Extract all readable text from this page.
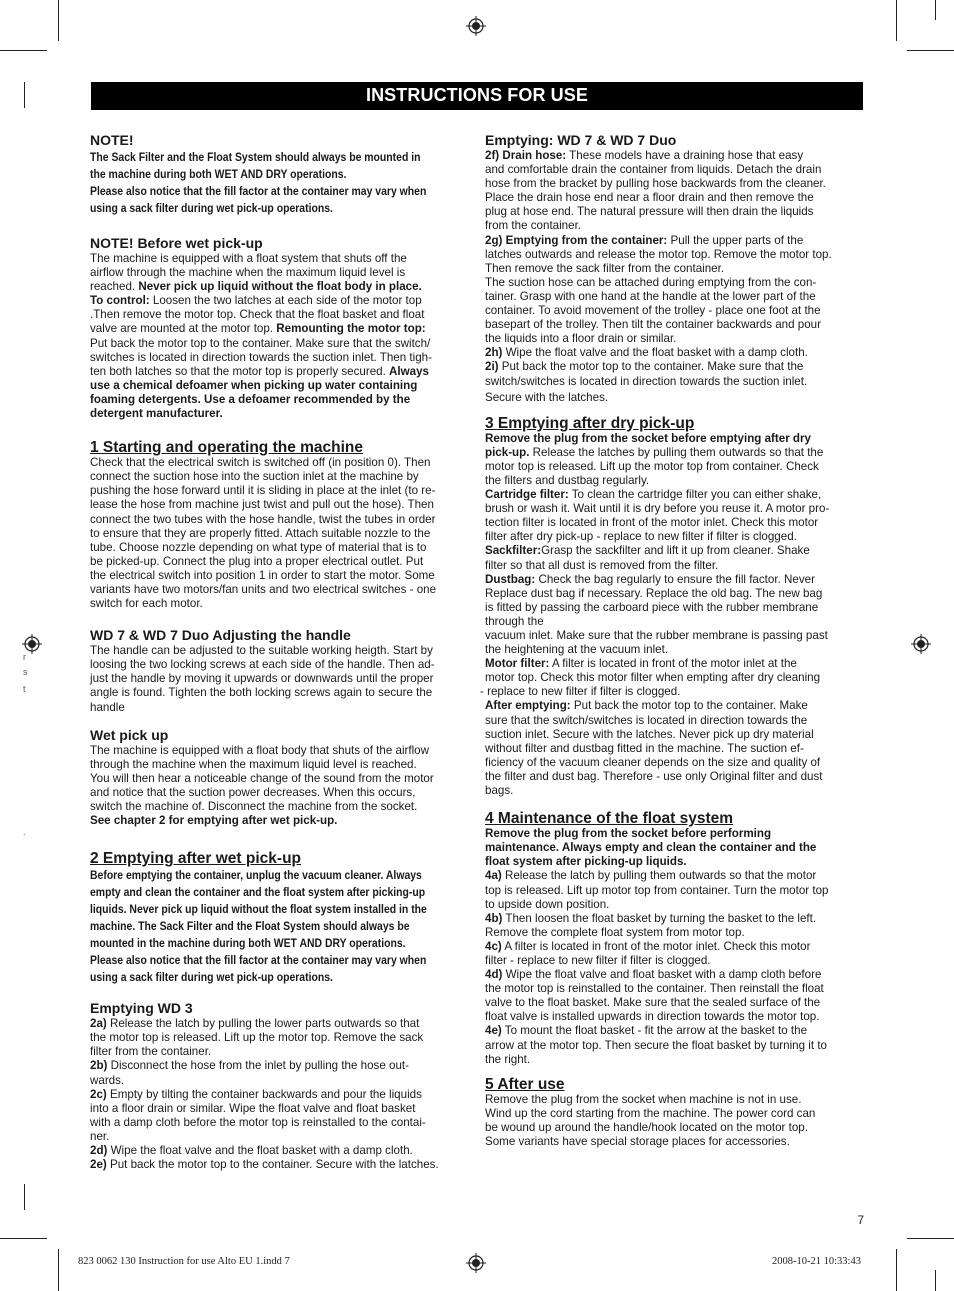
r
s
t
.
INSTRUCTIONS FOR USE

NOTE!

The Sack Filter and the Float System should always be mounted in

the machine during both WET AND DRY operations.

Please also notice that the fill factor at the container may vary when

using a sack filter during wet pick-up operations.

NOTE! Before wet pick-up

The machine is equipped with a float system that shuts off the

airflow through the machine when the maximum liquid level is

reached. Never pick up liquid without the float body in place.

To control: Loosen the two latches at each side of the motor top

.Then remove the motor top. Check that the float basket and float

valve are mounted at the motor top. Remounting the motor top:

Put back the motor top to the container. Make sure that the switch/

switches is located in direction towards the suction inlet. Then tigh-

ten both latches so that the motor top is properly secured. Always

use a chemical defoamer when picking up water containing

foaming detergents. Use a defoamer recommended by the

detergent manufacturer.

1 Starting and operating the machine

Check that the electrical switch is switched off (in position 0). Then

connect the suction hose into the suction inlet at the machine by

pushing the hose forward until it is sliding in place at the inlet (to re-

lease the hose from machine just twist and pull out the hose). Then

connect the two tubes with the hose handle, twist the tubes in order

to ensure that they are properly fitted. Attach suitable nozzle to the

tube. Choose nozzle depending on what type of material that is to

be picked-up. Connect the plug into a proper electrical outlet. Put

the electrical switch into position 1 in order to start the motor. Some

variants have two motors/fan units and two electrical switches - one

switch for each motor.

WD 7 & WD 7 Duo Adjusting the handle

The handle can be adjusted to the suitable working heigth. Start by

loosing the two locking screws at each side of the handle. Then ad-

just the handle by moving it upwards or downwards until the proper

angle is found. Tighten the both locking screws again to secure the

handle

Wet pick up

The machine is equipped with a float body that shuts of the airflow

through the machine when the maximum liquid level is reached.

You will then hear a noticeable change of the sound from the motor

and notice that the suction power decreases. When this occurs,

switch the machine of. Disconnect the machine from the socket.

See chapter 2 for emptying after wet pick-up.

2 Emptying after wet pick-up

Before emptying the container, unplug the vacuum cleaner. Always

empty and clean the container and the float system after picking-up

liquids. Never pick up liquid without the float system installed in the

machine. The Sack Filter and the Float System should always be

mounted in the machine during both WET AND DRY operations.

Please also notice that the fill factor at the container may vary when

using a sack filter during wet pick-up operations.

Emptying WD 3

2a) Release the latch by pulling the lower parts outwards so that

the motor top is released. Lift up the motor top. Remove the sack

filter from the container.

2b) Disconnect the hose from the inlet by pulling the hose out-

wards.

2c) Empty by tilting the container backwards and pour the liquids

into a floor drain or similar. Wipe the float valve and float basket

with a damp cloth before the motor top is reinstalled to the contai-

ner.

2d) Wipe the float valve and the float basket with a damp cloth.

2e) Put back the motor top to the container. Secure with the latches.

Emptying: WD 7 & WD 7 Duo

2f) Drain hose: These models have a draining hose that easy

and comfortable drain the container from liquids. Detach the drain

hose from the bracket by pulling hose backwards from the cleaner.

Place the drain hose end near a floor drain and then remove the

plug at hose end. The natural pressure will then drain the liquids

from the container.

2g) Emptying from the container: Pull the upper parts of the

latches outwards and release the motor top. Remove the motor top.

Then remove the sack filter from the container.

The suction hose can be attached during emptying from the con-

tainer. Grasp with one hand at the handle at the lower part of the

container. To avoid movement of the trolley - place one foot at the

basepart of the trolley. Then tilt the container backwards and pour

the liquids into a floor drain or similar.

2h) Wipe the float valve and the float basket with a damp cloth.

2i) Put back the motor top to the container. Make sure that the

switch/switches is located in direction towards the suction inlet.

Secure with the latches.

3 Emptying after dry pick-up

Remove the plug from the socket before emptying after dry

pick-up. Release the latches by pulling them outwards so that the

motor top is released. Lift up the motor top from container. Check

the filters and dustbag regularly.

Cartridge filter: To clean the cartridge filter you can either shake,

brush or wash it. Wait until it is dry before you reuse it. A motor pro-

tection filter is located in front of the motor inlet. Check this motor

filter after dry pick-up - replace to new filter if filter is clogged.

Sackfilter:Grasp the sackfilter and lift it up from cleaner. Shake

filter so that all dust is removed from the filter.

Dustbag: Check the bag regularly to ensure the fill factor. Never

Replace dust bag if necessary. Replace the old bag. The new bag

is fitted by passing the carboard piece with the rubber membrane

through the

vacuum inlet. Make sure that the rubber membrane is passing past

the heightening at the vacuum inlet.

Motor filter: A filter is located in front of the motor inlet at the

motor top. Check this motor filter when empting after dry cleaning

- replace to new filter if filter is clogged.

After emptying: Put back the motor top to the container. Make

sure that the switch/switches is located in direction towards the

suction inlet. Secure with the latches. Never pick up dry material

without filter and dustbag fitted in the machine. The suction ef-

ficiency of the vacuum cleaner depends on the size and quality of

the filter and dust bag. Therefore - use only Original filter and dust

bags.

4 Maintenance of the float system

Remove the plug from the socket before performing

maintenance. Always empty and clean the container and the

float system after picking-up liquids.

4a) Release the latch by pulling them outwards so that the motor

top is released. Lift up motor top from container. Turn the motor top

to upside down position.

4b) Then loosen the float basket by turning the basket to the left.

Remove the complete float system from motor top.

4c) A filter is located in front of the motor inlet. Check this motor

filter - replace to new filter if filter is clogged.

4d) Wipe the float valve and float basket with a damp cloth before

the motor top is reinstalled to the container. Then reinstall the float

valve to the float basket. Make sure that the sealed surface of the

float valve is installed upwards in direction towards the motor top.

4e) To mount the float basket - fit the arrow at the basket to the

arrow at the motor top. Then secure the float basket by turning it to

the right.

5 After use

Remove the plug from the socket when machine is not in use.

Wind up the cord starting from the machine. The power cord can

be wound up around the handle/hook located on the motor top.

Some variants have special storage places for accessories.

7
823 0062 130 Instruction for use Alto EU 1.indd 7	2008-10-21 10:33:43
